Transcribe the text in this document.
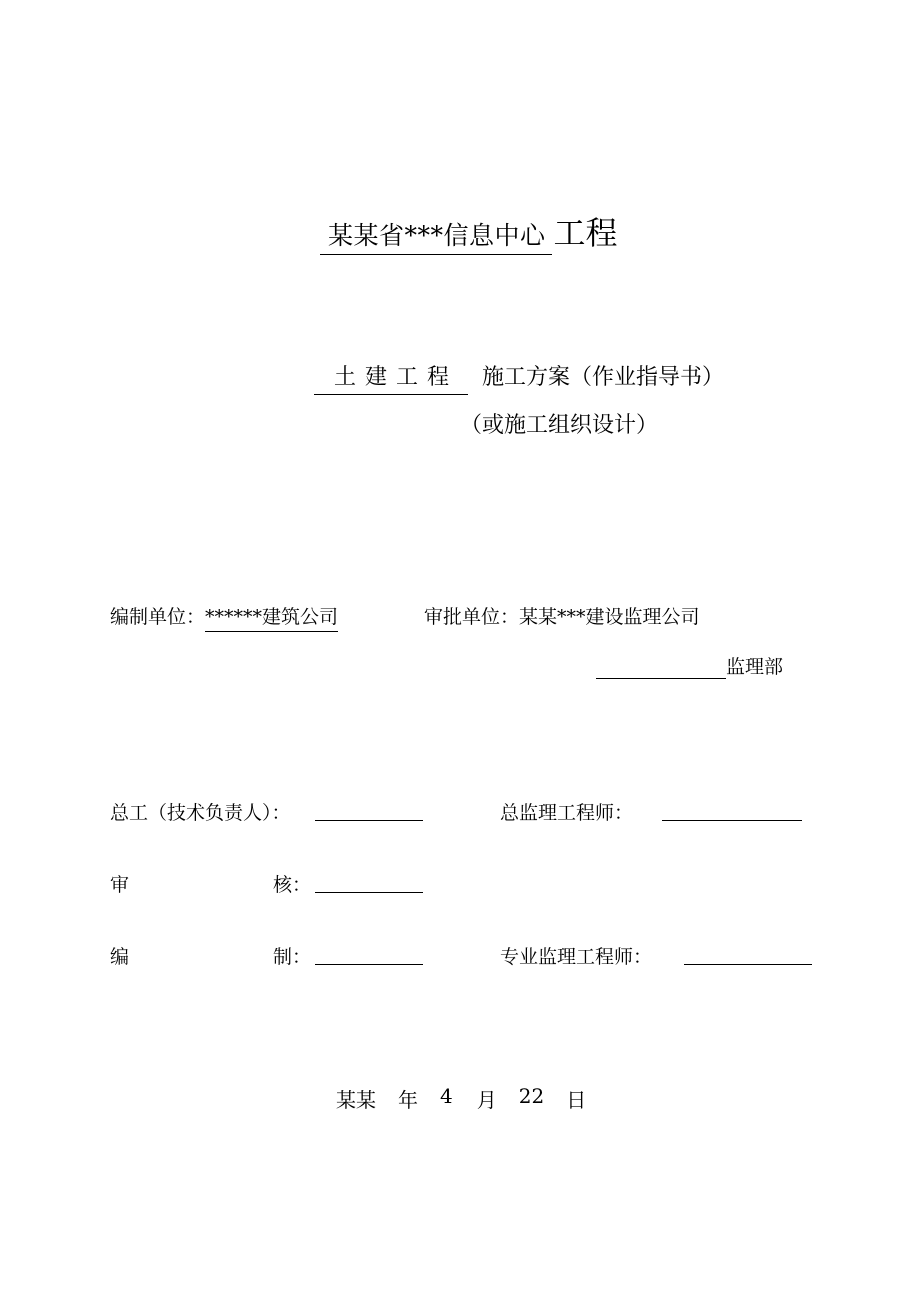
某某省***信息中心 工程
土建工程	施工方案（作业指导书）
（或施工组织设计）
编制单位： ******建筑公司	审批单位：某某***建设监理公司
监理部
总工（技术负责人）：	总监理工程师：
审	核：
编	制：	专业监理工程师：
某某 年 4 月 22 日
